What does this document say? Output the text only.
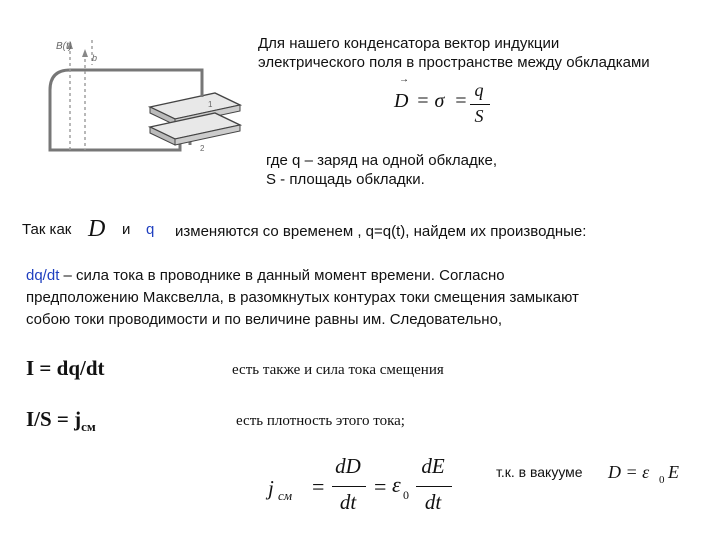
B(t)
b
1
2
Для нашего конденсатора вектор индукции
электрического поля в пространстве между обкладками
→
D = σ = q
S
где q – заряд на одной обкладке,
S - площадь обкладки.
Так как D и q изменяются со временем , q=q(t), найдем их производные:
dq/dt – сила тока в проводнике в данный момент времени. Согласно
предположению Максвелла, в разомкнутых контурах токи смещения замыкают
собою токи проводимости и по величине равны им. Следовательно,
I = dq/dt	есть также и сила тока смещения
$I/S = j_{см}$	есть плотность этого тока;
j см =
dD
dt
= ε 0
dE
dt
т.к. в вакууме D = ε 0 E
